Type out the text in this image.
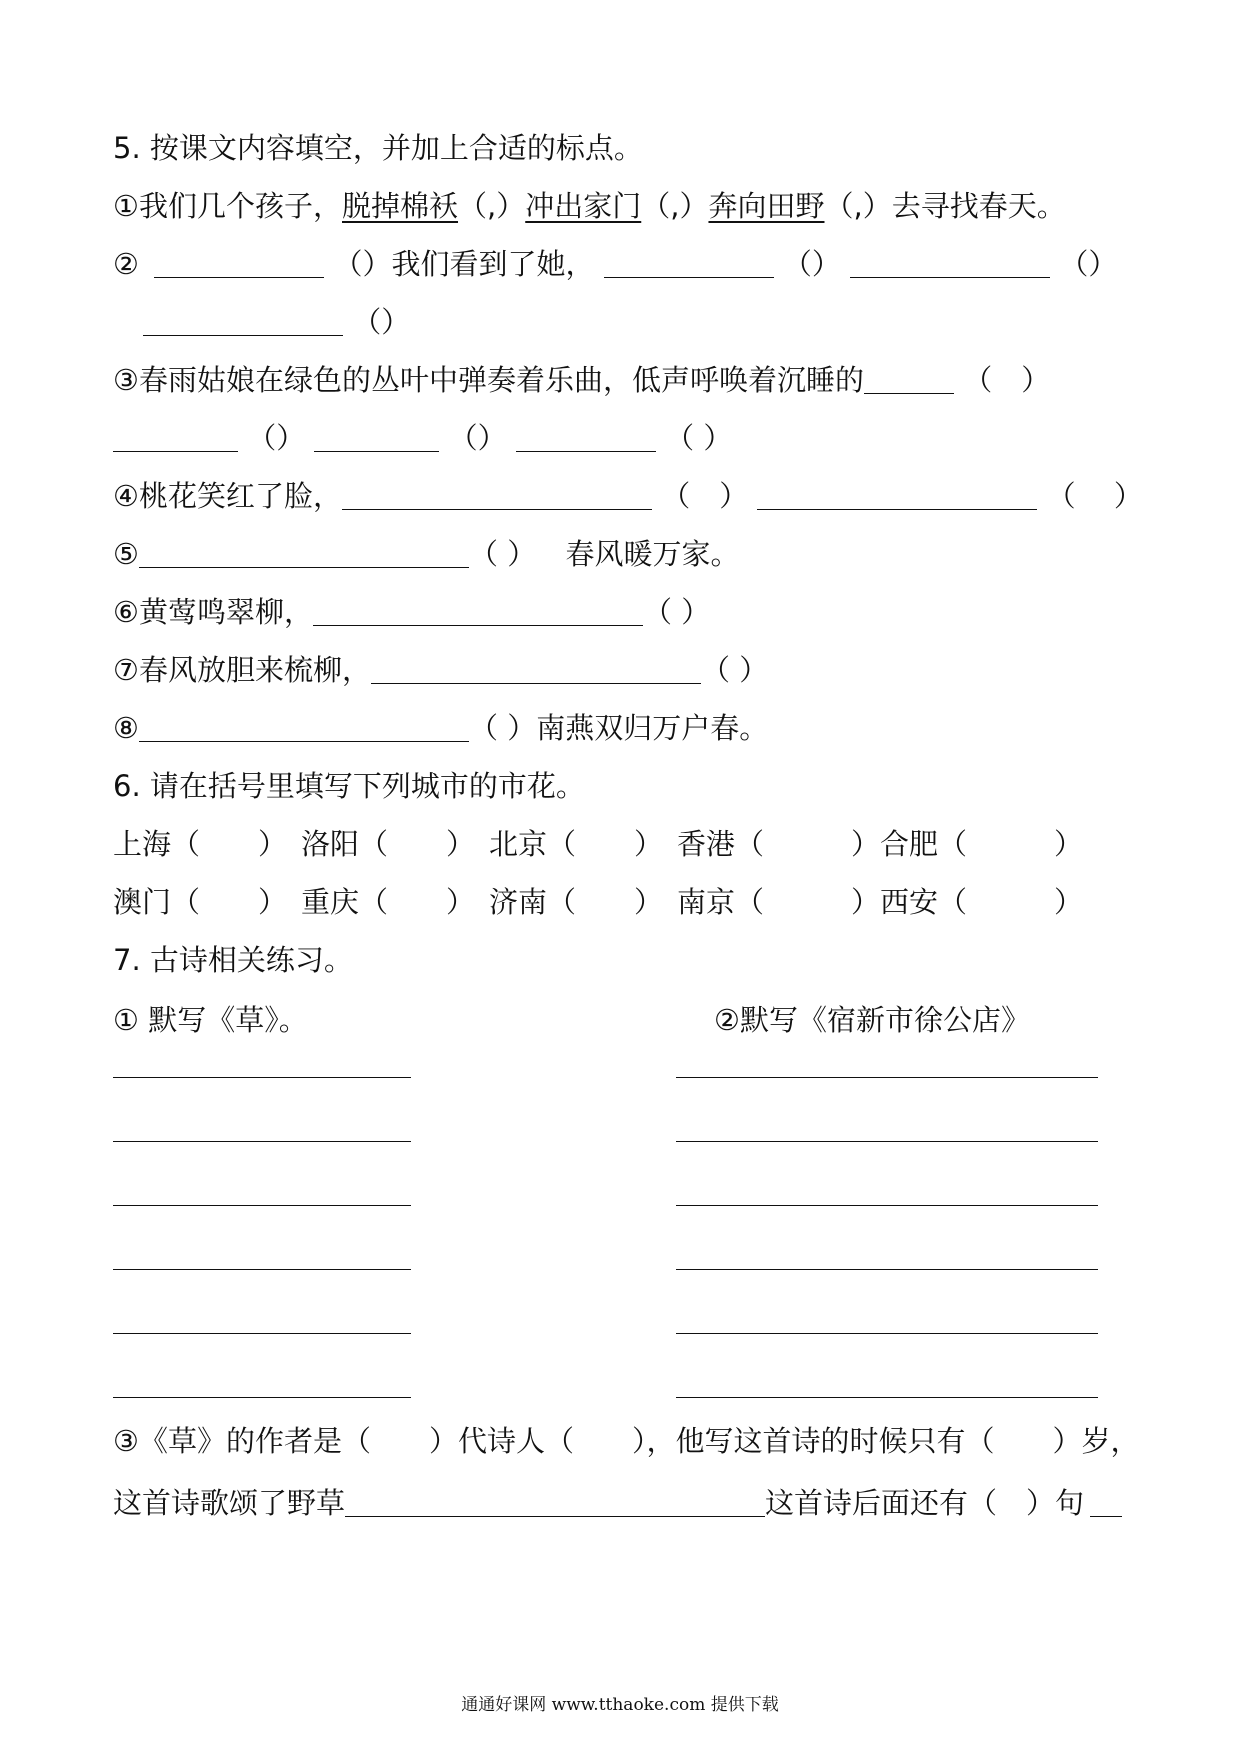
5. 按课文内容填空，并加上合适的标点。
①我们几个孩子，脱掉棉袄（,）冲出家门（,）奔向田野（,）去寻找春天。
②	（）我们看到了她，	（）	（）
（）
③春雨姑娘在绿色的丛叶中弹奏着乐曲，低声呼唤着沉睡的	（　）
（）	（）	（ ）
④桃花笑红了脸，	（　）	（　 ）
⑤	（ ） 春风暖万家。
⑥黄莺鸣翠柳，	（ ）
⑦春风放胆来梳柳，	（ ）
⑧	（ ）南燕双归万户春。
6. 请在括号里填写下列城市的市花。
上海（　　） 洛阳（　　） 北京（　　） 香港（　　　） 合肥（　　　）
澳门（　　） 重庆（　　） 济南（　　） 南京（　　　） 西安（　　　）
7. 古诗相关练习。
① 默写《草》。	②默写《宿新市徐公店》
③《草》的作者是（　　）代诗人（　　），他写这首诗的时候只有（　　）岁，
这首诗歌颂了野草	这首诗后面还有（　）句
通通好课网 www.tthaoke.com 提供下载
